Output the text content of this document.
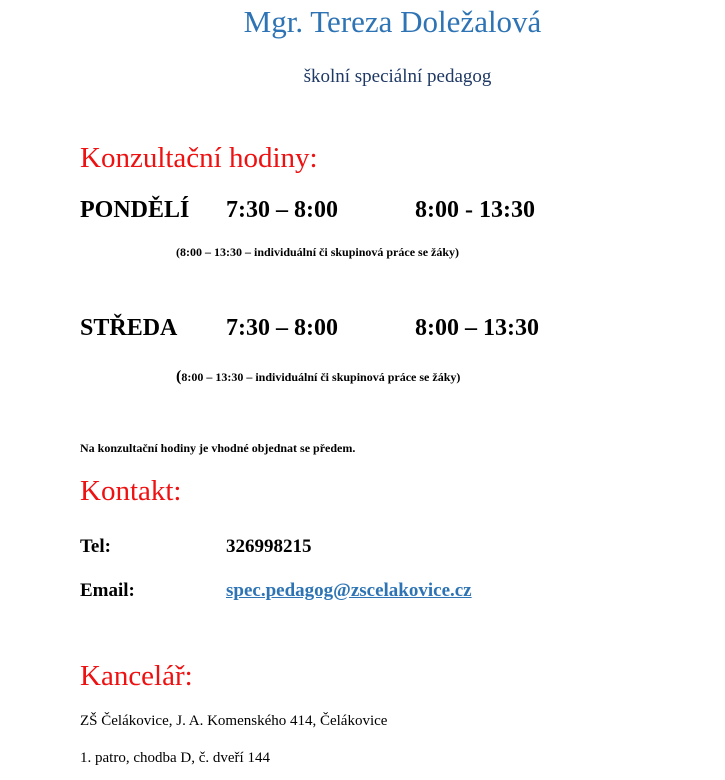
Mgr. Tereza Doležalová
školní speciální pedagog
Konzultační hodiny:
PONDĚLÍ 7:30 – 8:00	8:00 - 13:30
(8:00 – 13:30 – individuální či skupinová práce se žáky)
STŘEDA 7:30 – 8:00	8:00 – 13:30
(8:00 – 13:30 – individuální či skupinová práce se žáky)
Na konzultační hodiny je vhodné objednat se předem.
Kontakt:
Tel:	326998215
Email:	spec.pedagog@zscelakovice.cz
Kancelář:
ZŠ Čelákovice, J. A. Komenského 414, Čelákovice
1. patro, chodba D, č. dveří 144
